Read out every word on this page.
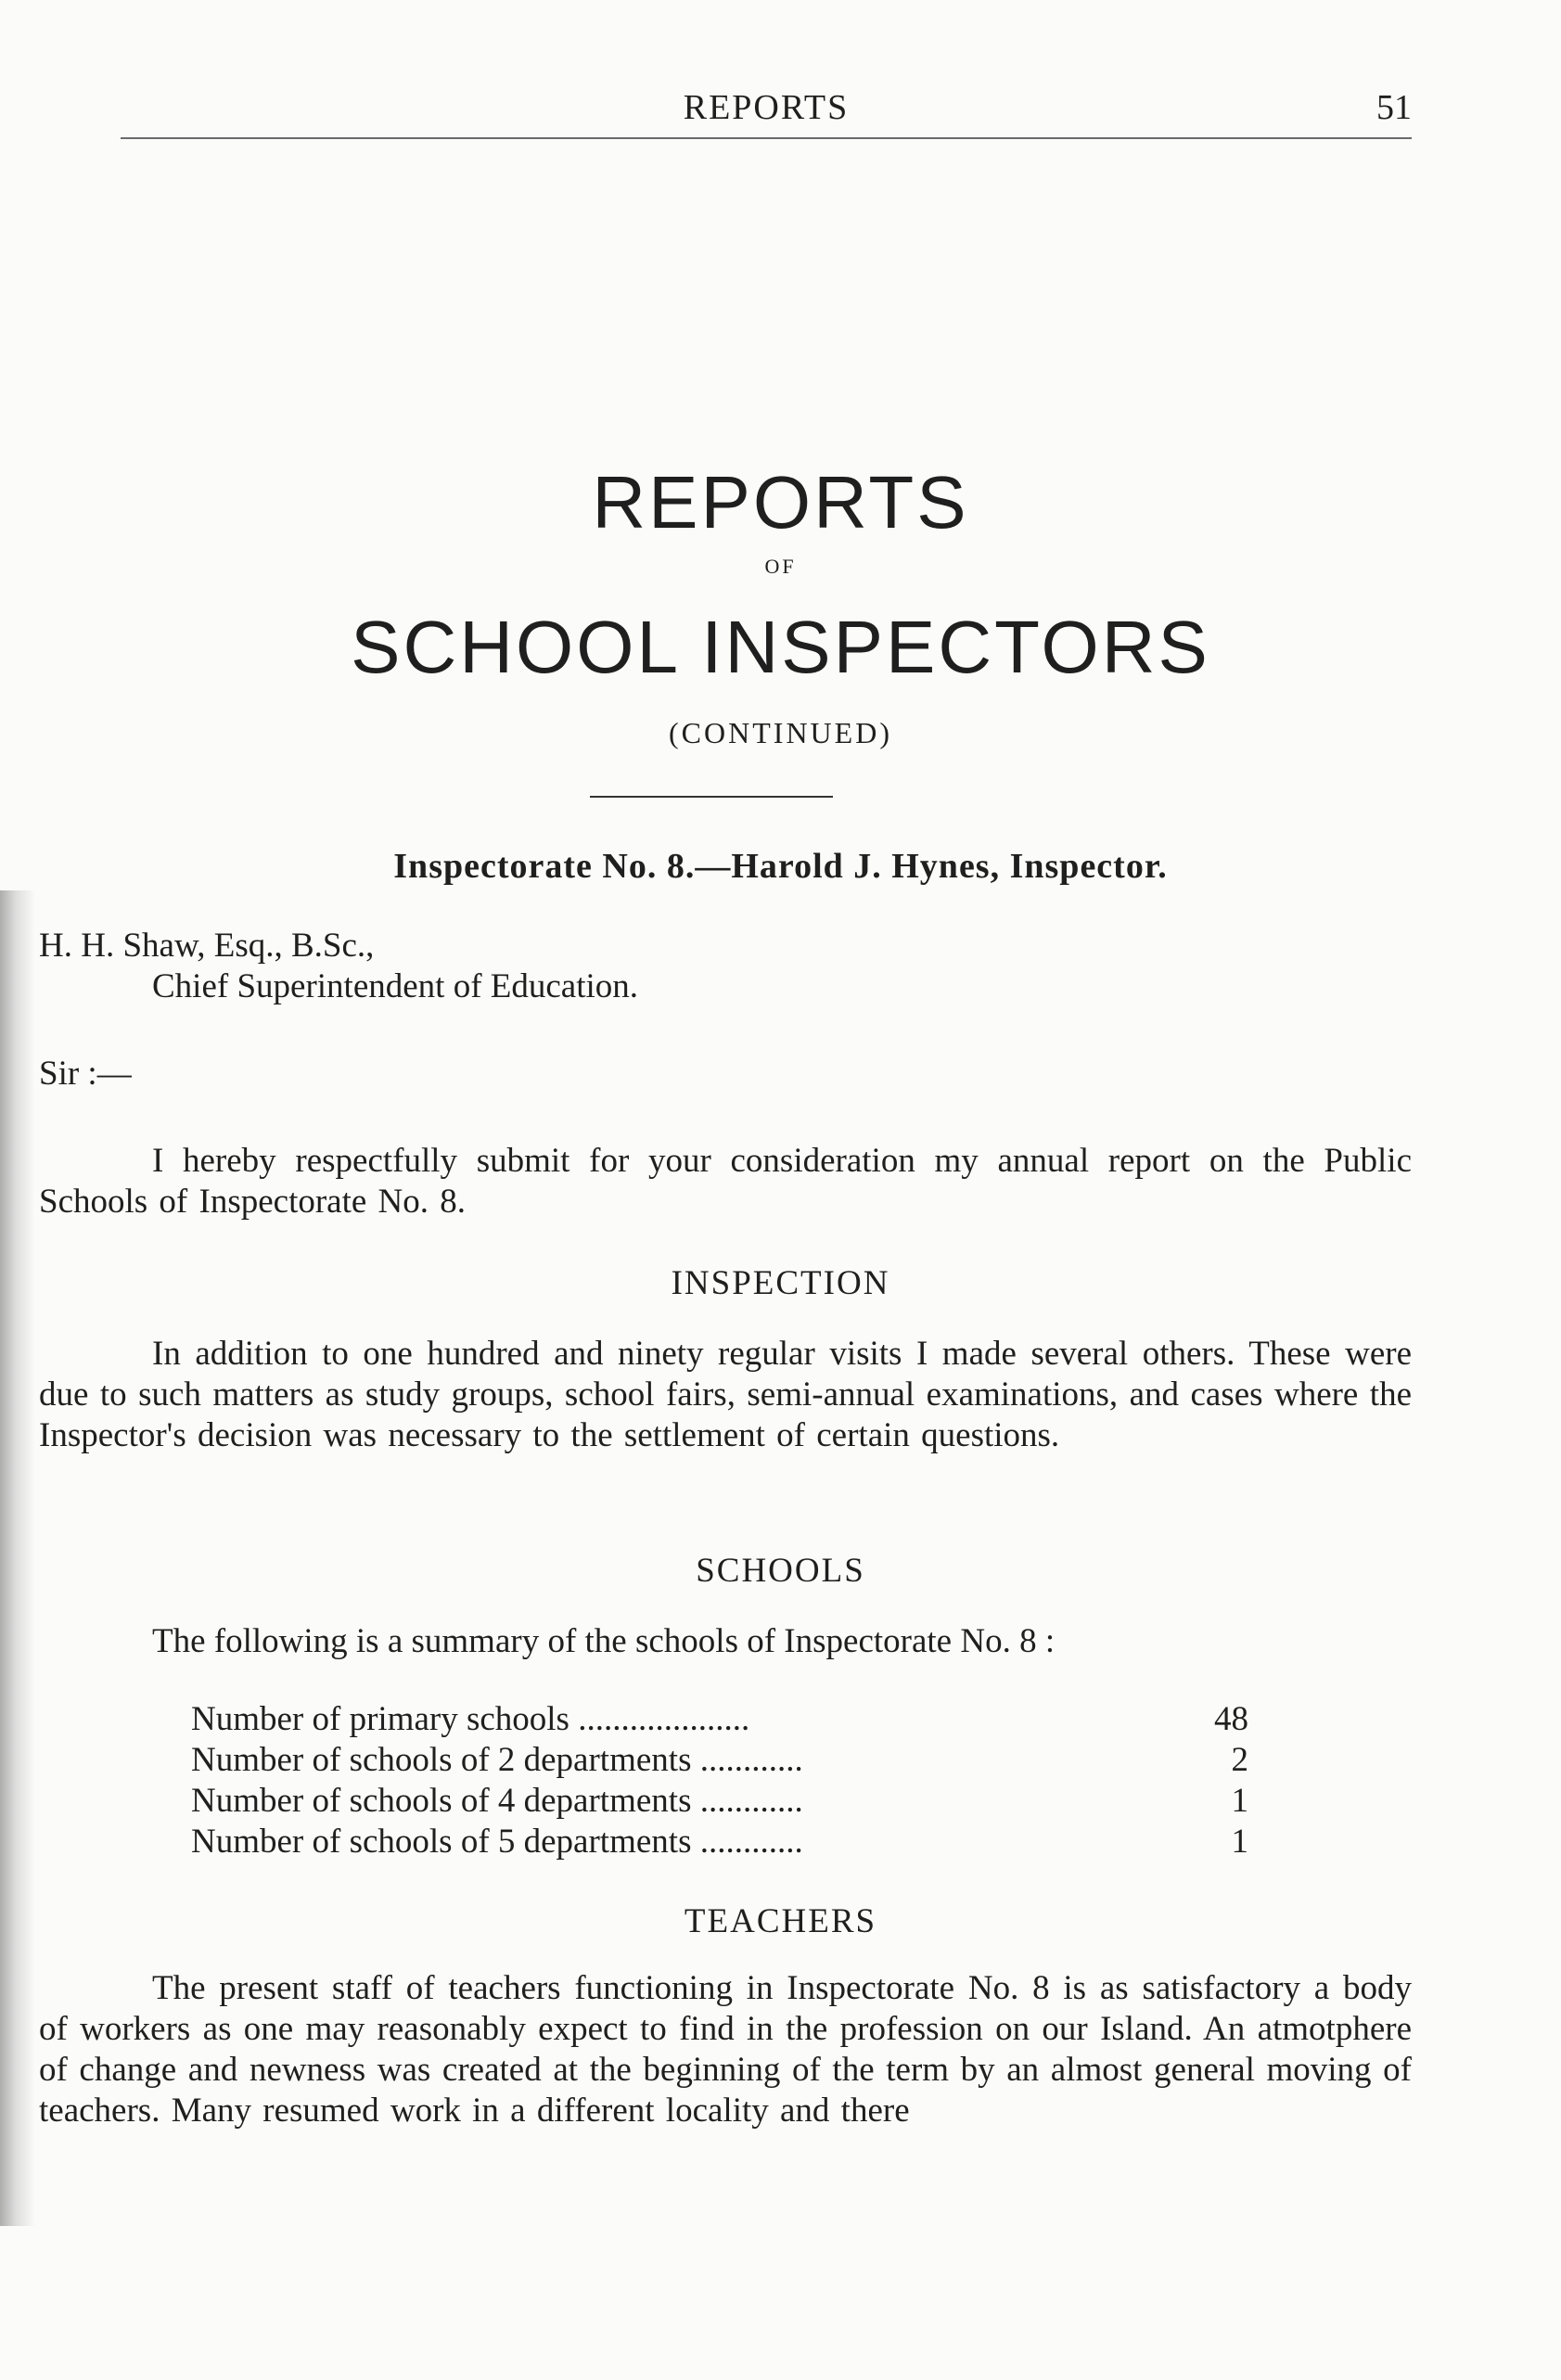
REPORTS	51
REPORTS
OF
SCHOOL INSPECTORS
(CONTINUED)
Inspectorate No. 8.—Harold J. Hynes, Inspector.
H. H. Shaw, Esq., B.Sc.,
Chief Superintendent of Education.
Sir :—
I hereby respectfully submit for your consideration my annual report on the Public Schools of Inspectorate No. 8.
INSPECTION
In addition to one hundred and ninety regular visits I made several others. These were due to such matters as study groups, school fairs, semi-annual examinations, and cases where the Inspector's decision was necessary to the settlement of certain questions.
SCHOOLS
The following is a summary of the schools of Inspectorate No. 8 :
Number of primary schools ....................	48
Number of schools of 2 departments ............	2
Number of schools of 4 departments ............	1
Number of schools of 5 departments ............	1
TEACHERS
The present staff of teachers functioning in Inspectorate No. 8 is as satisfactory a body of workers as one may reasonably expect to find in the profession on our Island. An atmotphere of change and newness was created at the beginning of the term by an almost general moving of teachers. Many resumed work in a different locality and there
